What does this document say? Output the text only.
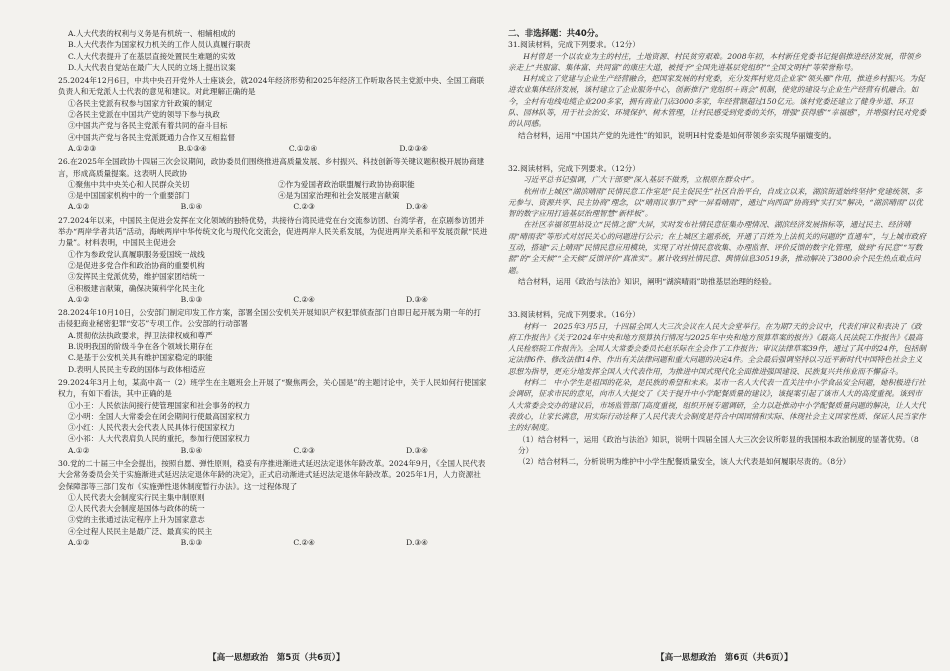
A.人大代表的权利与义务是有机统一、相辅相成的

B.人大代表作为国家权力机关的工作人员认真履行职责

C.人大代表提升了在基层直接处置民生难题的实效

D.人大代表自觉站在最广大人民的立场上提出议案

25.2024年12月6日，中共中央召开党外人士座谈会，就2024年经济形势和2025年经济工作听取各民主党派中央、全国工商联负责人和无党派人士代表的意见和建议。对此理解正确的是

①各民主党派有权参与国家方针政策的制定

②各民主党派在中国共产党的领导下参与执政

③中国共产党与各民主党派有着共同的奋斗目标

④中国共产党与各民主党派既通力合作又互相监督

A.①②③	B.①③④	C.①②④	D.②③④

26.在2025年全国政协十四届三次会议期间，政协委员们围绕推进高质量发展、乡村振兴、科技创新等关键议题积极开展协商建言，形成高质量提案。这表明人民政协

①聚焦中共中央关心和人民群众关切	②作为爱国者政治联盟履行政协协商职能
③是中国国家机构中的一个重要部门	④是为国家治理和社会发展建言献策
A.①②	B.①④	C.②③	D.③④

27.2024年以来，中国民主促进会发挥在文化领域的独特优势，共接待台湾民进党在台交流参访团、台湾学者，在京剧参访团并举办“两岸学者共话”活动，海峡两岸中华传统文化与现代化交流会，促进两岸人民关系发展，为促进两岸关系和平发展贡献“民进力量”。材料表明，中国民主促进会

①作为参政党认真履职服务爱国统一战线

②是促进多党合作和政治协商的重要机构

③发挥民主党派优势，维护国家团结统一

④积极建言献策，确保决策科学化民主化

A.①②	B.①③	C.②④	D.③④

28.2024年10月10日，公安部门制定印发工作方案，部署全国公安机关开展知识产权犯罪侦查部门自即日起开展为期一年的打击侵犯商业秘密犯罪“安芯”专项工作。公安部的行动部署

A.贯彻依法执政要求，捍卫法律权威和尊严

B.说明我国的阶级斗争在各个领域长期存在

C.是基于公安机关具有维护国家稳定的职能

D.表明人民民主专政的国体与政体相适应

29.2024年3月上旬，某高中高一（2）班学生在主题班会上开展了“聚焦两会，关心国是”的主题讨论中，关于人民如何行使国家权力，有如下看法，其中正确的是

①小王：人民依法间接行使管理国家和社会事务的权力

②小明：全国人大常委会在闭会期间行使最高国家权力

③小红：人民代表大会代表人民具体行使国家权力

④小祁：人大代表肩负人民的重托，参加行使国家权力

A.①②	B.①④	C.②③	D.③④

30.党的二十届三中全会提出，按照自愿、弹性原则，稳妥有序推进渐进式延迟法定退休年龄改革。2024年9月，《全国人民代表大会常务委员会关于实施渐进式延迟法定退休年龄的决定》，正式启动渐进式延迟法定退休年龄改革。2025年1月，人力资源社会保障部等三部门发布《实施弹性退休制度暂行办法》。这一过程体现了

①人民代表大会制度实行民主集中制原则

②人民代表大会制度是国体与政体的统一

③党的主张通过法定程序上升为国家意志

④全过程人民民主是最广泛、最真实的民主

A.①②	B.①③	C.②④	D.③④

二、非选择题：共40分。

31.阅读材料，完成下列要求。（12分）

H村曾是一个以农业为主的村庄，土地资源、村民贫穷艰难。2008年初，本村新任党委书记提倡推进经济发展，带领乡亲走上“共服富、集体富、共同富”的康庄大道，被授予“全国先进基层党组织”“全国文明村”等荣誉称号。

H村成立了党建与企业生产经营融合，把国家发展的村党委，充分发挥村党员企业家“领头雁”作用，推进乡村振兴。为促进农业集体经济发展，该村建立了企业服务中心，创新推行“党组织＋商会”机制，使党的建设与企业生产经营有机融合。如今，全村有电线电缆企业200多家，拥有商业门店3000多家，年经营额超过150亿元。该村党委还建立了健身步道、环卫队、园林队等，用于社会治安、环境保护、树木管理，让村民感受到党委的关怀，增强“获得感”“幸福感”，并增强村民对党委的认同感。

结合材料，运用“中国共产党的先进性”的知识，说明H村党委是如何带领乡亲实现华丽嬗变的。

32.阅读材料，完成下列要求。（12分）

习近平总书记强调，广大干部要“深入基层不做秀，立根原在群众中”。

杭州市上城区“湖滨晴雨”民情民意工作室是“民主促民生”社区自治平台，自成立以来，湖滨街道始终坚持“党建统领、多元参与、资源共享、民主协商”理念，以“晴雨议事厅”到“一屏看晴雨”，通过“向西面”协商到“实打实”解决，“湖滨晴雨”以优智的数字应用打造基层治理智慧“新样板”。

在社区幸福邻里站设立“民情之窗”大屏，实时发布社情民意征集办理情况、湖滨经济发展指标等，通过民主、经济晴雨“晴雨表”等形式对居民关心的问题进行公示；在上城区主题系统，开通了百姓为上法机关的问题的“直通车”，与上城市政府互动，搭建“云上晴雨”民情民意应用模块，实现了对社情民意收集、办理监督、评价反馈的数字化管理，做到“有民意”“写数据”的“全天候”“全天候”反馈评价“真准实”。累计收到社情民意、舆情信息30519条，推动解决了3800余个民生热点难点问题。

结合材料，运用《政治与法治》知识，阐明“湖滨晴雨”助推基层治理的经验。

33.阅读材料，完成下列要求。（16分）

材料一　2025年3月5日，十四届全国人大三次会议在人民大会堂举行。在为期7天的会议中，代表们审议和表决了《政府工作报告》《关于2024年中央和地方预算执行情况与2025年中央和地方预算草案的报告》《最高人民法院工作报告》《最高人民检察院工作报告》。全国人大常委会委员长赵乐际在全会作了工作报告；审议法律草案39件，通过了其中的24件，包括制定法律6件、修改法律14件、作出有关法律问题和重大问题的决定4件。全会最后强调坚持以习近平新时代中国特色社会主义思想为指导，更充分地发挥全国人大代表作用，为推进中国式现代化全面推进强国建设、民族复兴共伟业而不懈奋斗。

材料二　中小学生是祖国的花朵，是民族的希望和未来。某市一名人大代表一直关注中小学食品安全问题，她积极进行社会调研，征求市民的意见，向市人大提交了《关于提升中小学配餐质量的建议》，该提案引起了该市人大的高度重视。该到市人大常委会交办的建议后，市场监管部门高度重视，组织开展专题调研，全力以赴推动中小学配餐质量问题的解决，让人大代表放心，让家长满意，用实际行动诠释了人民代表大会制度是符合中国国情和实际、体现社会主义国家性质、保证人民当家作主的好制度。

（1）结合材料一，运用《政治与法治》知识，说明十四届全国人大三次会议所彰显的我国根本政治制度的显著优势。（8分）

（2）结合材料二，分析说明为维护中小学生配餐质量安全，该人大代表是如何履职尽责的。（8分）

【高一思想政治　第5页（共6页）】	【高一思想政治　第6页（共6页）】
